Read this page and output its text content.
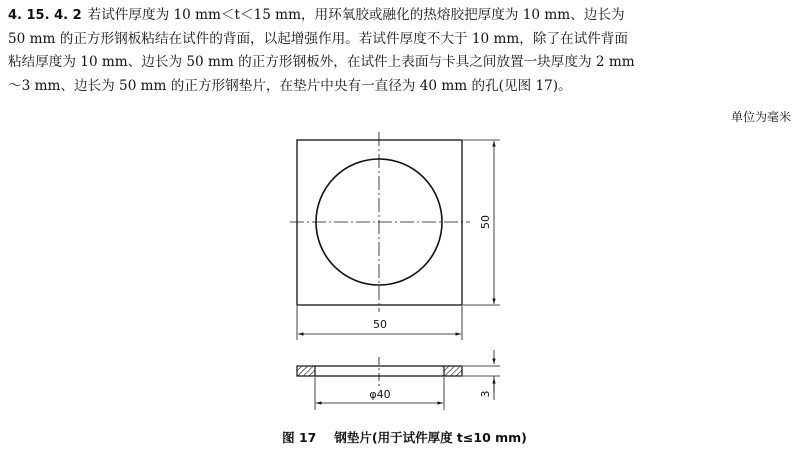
4. 15. 4. 2 若试件厚度为 10 mm＜t＜15 mm，用环氧胶或融化的热熔胶把厚度为 10 mm、边长为
50 mm 的正方形钢板粘结在试件的背面，以起增强作用。若试件厚度不大于 10 mm，除了在试件背面
粘结厚度为 10 mm、边长为 50 mm 的正方形钢板外，在试件上表面与卡具之间放置一块厚度为 2 mm
～3 mm、边长为 50 mm 的正方形钢垫片，在垫片中央有一直径为 40 mm 的孔(见图 17)。
单位为毫米
50
50
φ40	3
图 17 钢垫片(用于试件厚度 t≤10 mm)
